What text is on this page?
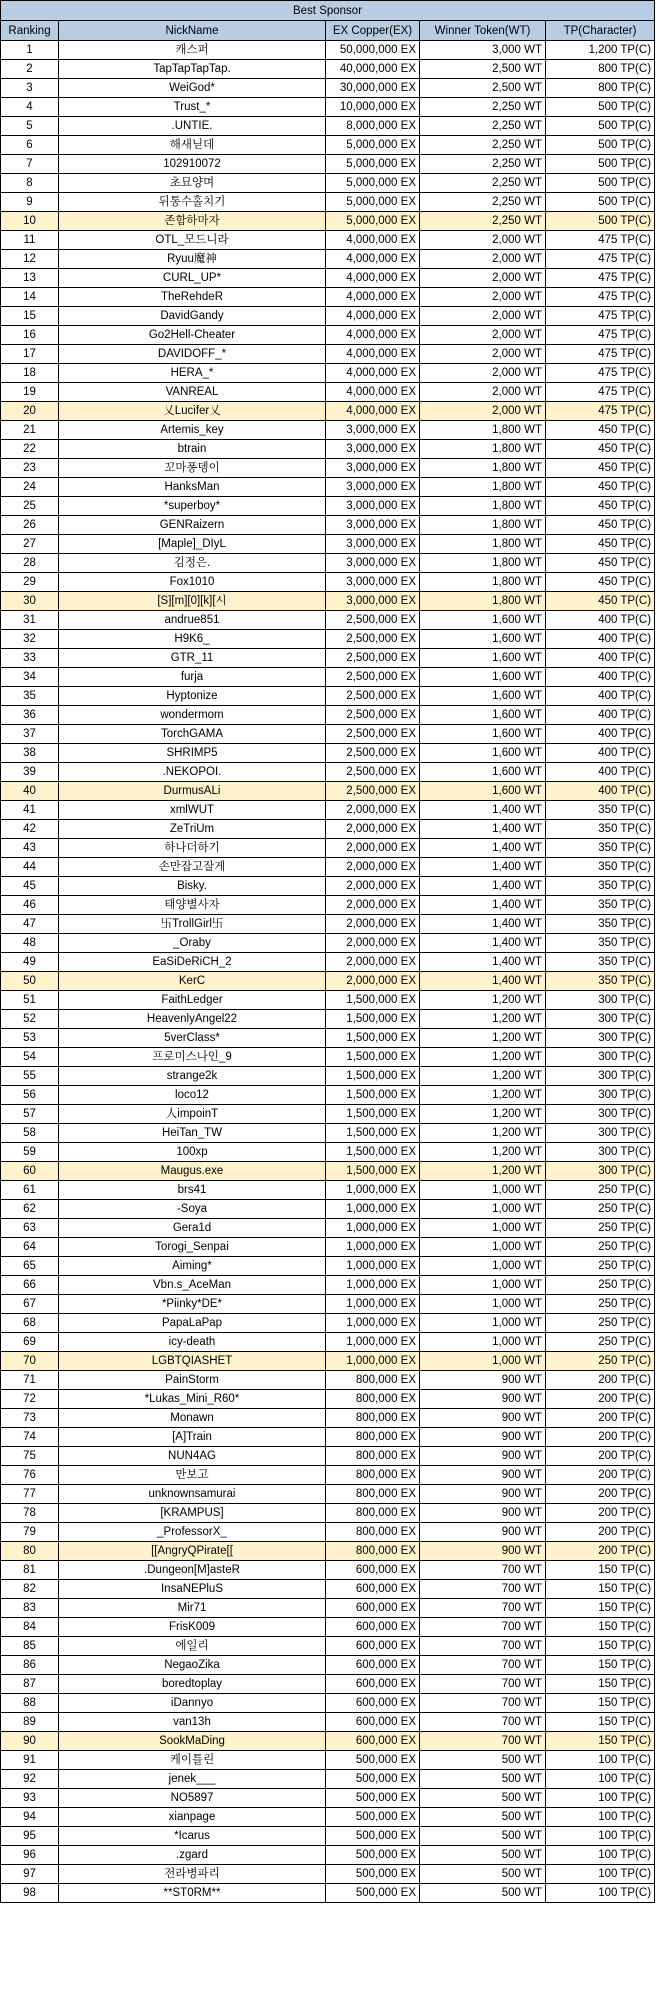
Best Sponsor				
Ranking	NickName	EX Copper(EX)	Winner Token(WT)	TP(Character)
1	캐스퍼	50,000,000 EX	3,000 WT	1,200 TP(C)
2	TapTapTapTap.	40,000,000 EX	2,500 WT	800 TP(C)
3	WeiGod*	30,000,000 EX	2,500 WT	800 TP(C)
4	Trust_*	10,000,000 EX	2,250 WT	500 TP(C)
5	.UNTIE.	8,000,000 EX	2,250 WT	500 TP(C)
6	해새닏데	5,000,000 EX	2,250 WT	500 TP(C)
7	102910072	5,000,000 EX	2,250 WT	500 TP(C)
8	초묘양며	5,000,000 EX	2,250 WT	500 TP(C)
9	뒤통수홀치기	5,000,000 EX	2,250 WT	500 TP(C)
10	존함하마자	5,000,000 EX	2,250 WT	500 TP(C)
11	OTL_모드니라	4,000,000 EX	2,000 WT	475 TP(C)
12	Ryuu魔神	4,000,000 EX	2,000 WT	475 TP(C)
13	CURL_UP*	4,000,000 EX	2,000 WT	475 TP(C)
14	TheRehdeR	4,000,000 EX	2,000 WT	475 TP(C)
15	DavidGandy	4,000,000 EX	2,000 WT	475 TP(C)
16	Go2Hell-Cheater	4,000,000 EX	2,000 WT	475 TP(C)
17	DAVIDOFF_*	4,000,000 EX	2,000 WT	475 TP(C)
18	HERA_*	4,000,000 EX	2,000 WT	475 TP(C)
19	VANREAL	4,000,000 EX	2,000 WT	475 TP(C)
20	乂Lucifer乂	4,000,000 EX	2,000 WT	475 TP(C)
21	Artemis_key	3,000,000 EX	1,800 WT	450 TP(C)
22	btrain	3,000,000 EX	1,800 WT	450 TP(C)
23	꼬마퐁뎅이	3,000,000 EX	1,800 WT	450 TP(C)
24	HanksMan	3,000,000 EX	1,800 WT	450 TP(C)
25	*superboy*	3,000,000 EX	1,800 WT	450 TP(C)
26	GENRaizern	3,000,000 EX	1,800 WT	450 TP(C)
27	[Maple]_DIyL	3,000,000 EX	1,800 WT	450 TP(C)
28	김정은.	3,000,000 EX	1,800 WT	450 TP(C)
29	Fox1010	3,000,000 EX	1,800 WT	450 TP(C)
30	[S][m][0][k][시	3,000,000 EX	1,800 WT	450 TP(C)
31	andrue851	2,500,000 EX	1,600 WT	400 TP(C)
32	H9K6_	2,500,000 EX	1,600 WT	400 TP(C)
33	GTR_11	2,500,000 EX	1,600 WT	400 TP(C)
34	furja	2,500,000 EX	1,600 WT	400 TP(C)
35	Hyptonize	2,500,000 EX	1,600 WT	400 TP(C)
36	wondermom	2,500,000 EX	1,600 WT	400 TP(C)
37	TorchGAMA	2,500,000 EX	1,600 WT	400 TP(C)
38	SHRIMP5	2,500,000 EX	1,600 WT	400 TP(C)
39	.NEKOPOI.	2,500,000 EX	1,600 WT	400 TP(C)
40	DurmusALi	2,500,000 EX	1,600 WT	400 TP(C)
41	xmlWUT	2,000,000 EX	1,400 WT	350 TP(C)
42	ZeTriUm	2,000,000 EX	1,400 WT	350 TP(C)
43	하나더하기	2,000,000 EX	1,400 WT	350 TP(C)
44	손만잡고잘게	2,000,000 EX	1,400 WT	350 TP(C)
45	Bisky.	2,000,000 EX	1,400 WT	350 TP(C)
46	태양별사자	2,000,000 EX	1,400 WT	350 TP(C)
47	卐TrollGirl卐	2,000,000 EX	1,400 WT	350 TP(C)
48	_Oraby	2,000,000 EX	1,400 WT	350 TP(C)
49	EaSiDeRiCH_2	2,000,000 EX	1,400 WT	350 TP(C)
50	KerC	2,000,000 EX	1,400 WT	350 TP(C)
51	FaithLedger	1,500,000 EX	1,200 WT	300 TP(C)
52	HeavenlyAngel22	1,500,000 EX	1,200 WT	300 TP(C)
53	5verClass*	1,500,000 EX	1,200 WT	300 TP(C)
54	프로미스나인_9	1,500,000 EX	1,200 WT	300 TP(C)
55	strange2k	1,500,000 EX	1,200 WT	300 TP(C)
56	loco12	1,500,000 EX	1,200 WT	300 TP(C)
57	人impoinT	1,500,000 EX	1,200 WT	300 TP(C)
58	HeiTan_TW	1,500,000 EX	1,200 WT	300 TP(C)
59	100xp	1,500,000 EX	1,200 WT	300 TP(C)
60	Maugus.exe	1,500,000 EX	1,200 WT	300 TP(C)
61	brs41	1,000,000 EX	1,000 WT	250 TP(C)
62	-Soya	1,000,000 EX	1,000 WT	250 TP(C)
63	Gera1d	1,000,000 EX	1,000 WT	250 TP(C)
64	Torogi_Senpai	1,000,000 EX	1,000 WT	250 TP(C)
65	Aiming*	1,000,000 EX	1,000 WT	250 TP(C)
66	Vbn.s_AceMan	1,000,000 EX	1,000 WT	250 TP(C)
67	*Piinky*DE*	1,000,000 EX	1,000 WT	250 TP(C)
68	PapaLaPap	1,000,000 EX	1,000 WT	250 TP(C)
69	icy-death	1,000,000 EX	1,000 WT	250 TP(C)
70	LGBTQIASHET	1,000,000 EX	1,000 WT	250 TP(C)
71	PainStorm	800,000 EX	900 WT	200 TP(C)
72	*Lukas_Mini_R60*	800,000 EX	900 WT	200 TP(C)
73	Monawn	800,000 EX	900 WT	200 TP(C)
74	[A]Train	800,000 EX	900 WT	200 TP(C)
75	NUN4AG	800,000 EX	900 WT	200 TP(C)
76	만보고	800,000 EX	900 WT	200 TP(C)
77	unknownsamurai	800,000 EX	900 WT	200 TP(C)
78	[KRAMPUS]	800,000 EX	900 WT	200 TP(C)
79	_ProfessorX_	800,000 EX	900 WT	200 TP(C)
80	[[AngryQPirate[[	800,000 EX	900 WT	200 TP(C)
81	.Dungeon[M]asteR	600,000 EX	700 WT	150 TP(C)
82	InsaNEPluS	600,000 EX	700 WT	150 TP(C)
83	Mir71	600,000 EX	700 WT	150 TP(C)
84	FrisK009	600,000 EX	700 WT	150 TP(C)
85	에일리	600,000 EX	700 WT	150 TP(C)
86	NegaoZika	600,000 EX	700 WT	150 TP(C)
87	boredtoplay	600,000 EX	700 WT	150 TP(C)
88	iDannyo	600,000 EX	700 WT	150 TP(C)
89	van13h	600,000 EX	700 WT	150 TP(C)
90	SookMaDing	600,000 EX	700 WT	150 TP(C)
91	케이틀린	500,000 EX	500 WT	100 TP(C)
92	jenek___	500,000 EX	500 WT	100 TP(C)
93	NO5897	500,000 EX	500 WT	100 TP(C)
94	xianpage	500,000 EX	500 WT	100 TP(C)
95	*Icarus	500,000 EX	500 WT	100 TP(C)
96	.zgard	500,000 EX	500 WT	100 TP(C)
97	전라병파리	500,000 EX	500 WT	100 TP(C)
98	**ST0RM**	500,000 EX	500 WT	100 TP(C)
